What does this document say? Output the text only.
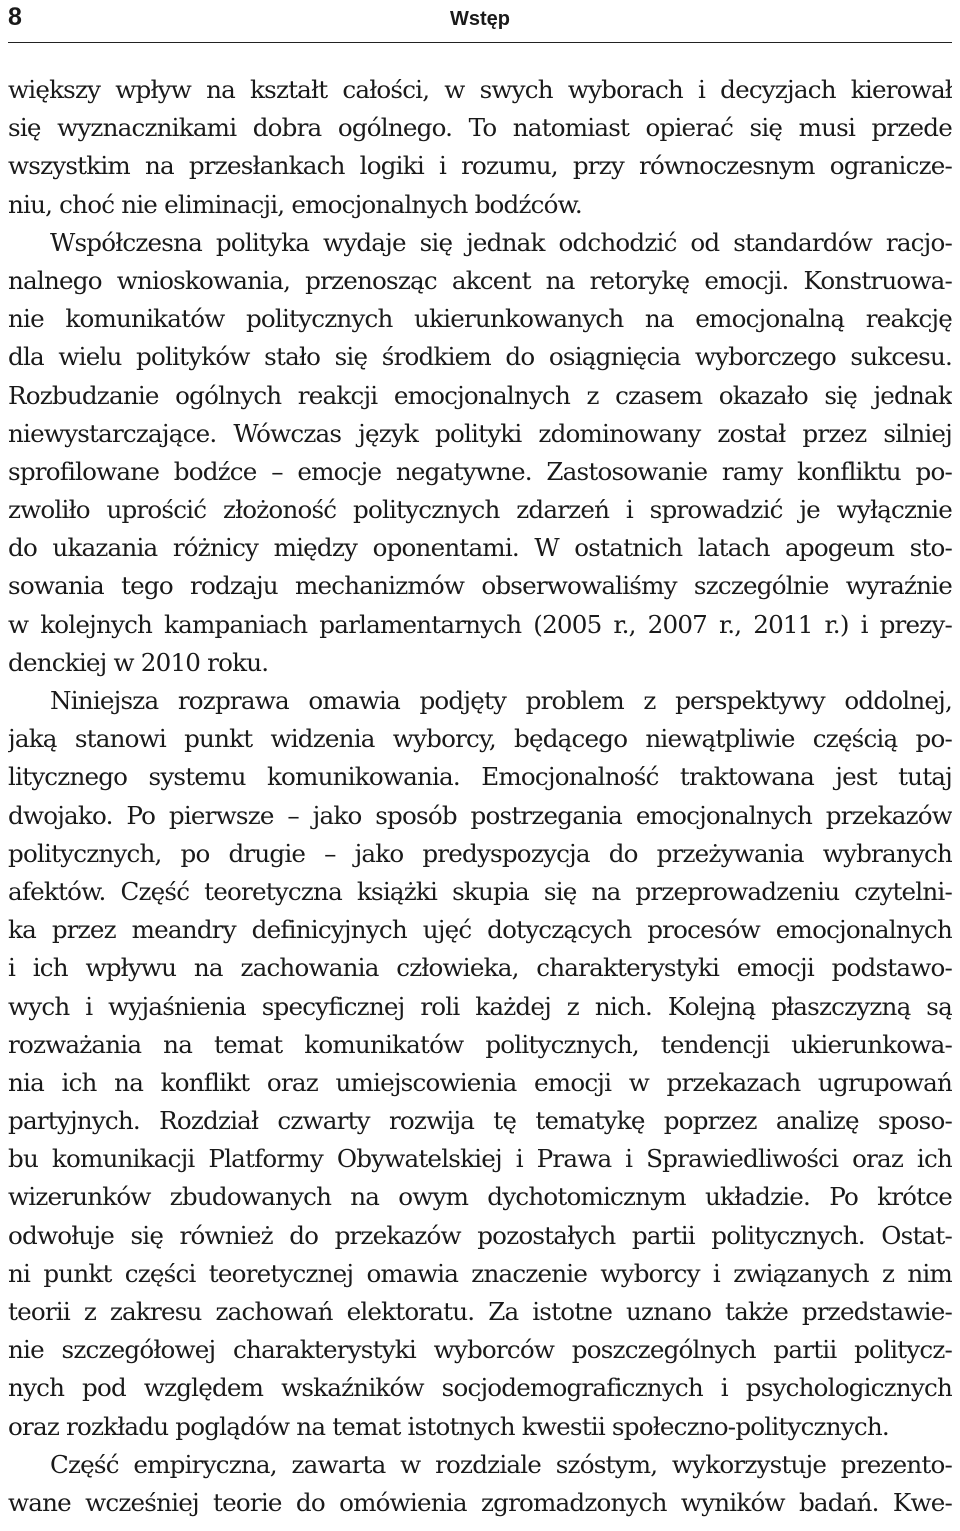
8	Wstęp
większy wpływ na kształt całości, w swych wyborach i decyzjach kierował
się wyznacznikami dobra ogólnego. To natomiast opierać się musi przede
wszystkim na przesłankach logiki i rozumu, przy równoczesnym ogranicze-
niu, choć nie eliminacji, emocjonalnych bodźców.
Współczesna polityka wydaje się jednak odchodzić od standardów racjo-
nalnego wnioskowania, przenosząc akcent na retorykę emocji. Konstruowa-
nie komunikatów politycznych ukierunkowanych na emocjonalną reakcję
dla wielu polityków stało się środkiem do osiągnięcia wyborczego sukcesu.
Rozbudzanie ogólnych reakcji emocjonalnych z czasem okazało się jednak
niewystarczające. Wówczas język polityki zdominowany został przez silniej
sprofilowane bodźce – emocje negatywne. Zastosowanie ramy konfliktu po-
zwoliło uprościć złożoność politycznych zdarzeń i sprowadzić je wyłącznie
do ukazania różnicy między oponentami. W ostatnich latach apogeum sto-
sowania tego rodzaju mechanizmów obserwowaliśmy szczególnie wyraźnie
w kolejnych kampaniach parlamentarnych (2005 r., 2007 r., 2011 r.) i prezy-
denckiej w 2010 roku.
Niniejsza rozprawa omawia podjęty problem z perspektywy oddolnej,
jaką stanowi punkt widzenia wyborcy, będącego niewątpliwie częścią po-
litycznego systemu komunikowania. Emocjonalność traktowana jest tutaj
dwojako. Po pierwsze – jako sposób postrzegania emocjonalnych przekazów
politycznych, po drugie – jako predyspozycja do przeżywania wybranych
afektów. Część teoretyczna książki skupia się na przeprowadzeniu czytelni-
ka przez meandry definicyjnych ujęć dotyczących procesów emocjonalnych
i ich wpływu na zachowania człowieka, charakterystyki emocji podstawo-
wych i wyjaśnienia specyficznej roli każdej z nich. Kolejną płaszczyzną są
rozważania na temat komunikatów politycznych, tendencji ukierunkowa-
nia ich na konflikt oraz umiejscowienia emocji w przekazach ugrupowań
partyjnych. Rozdział czwarty rozwija tę tematykę poprzez analizę sposo-
bu komunikacji Platformy Obywatelskiej i Prawa i Sprawiedliwości oraz ich
wizerunków zbudowanych na owym dychotomicznym układzie. Po krótce
odwołuje się również do przekazów pozostałych partii politycznych. Ostat-
ni punkt części teoretycznej omawia znaczenie wyborcy i związanych z nim
teorii z zakresu zachowań elektoratu. Za istotne uznano także przedstawie-
nie szczegółowej charakterystyki wyborców poszczególnych partii politycz-
nych pod względem wskaźników socjodemograficznych i psychologicznych
oraz rozkładu poglądów na temat istotnych kwestii społeczno-politycznych.
Część empiryczna, zawarta w rozdziale szóstym, wykorzystuje prezento-
wane wcześniej teorie do omówienia zgromadzonych wyników badań. Kwe-
